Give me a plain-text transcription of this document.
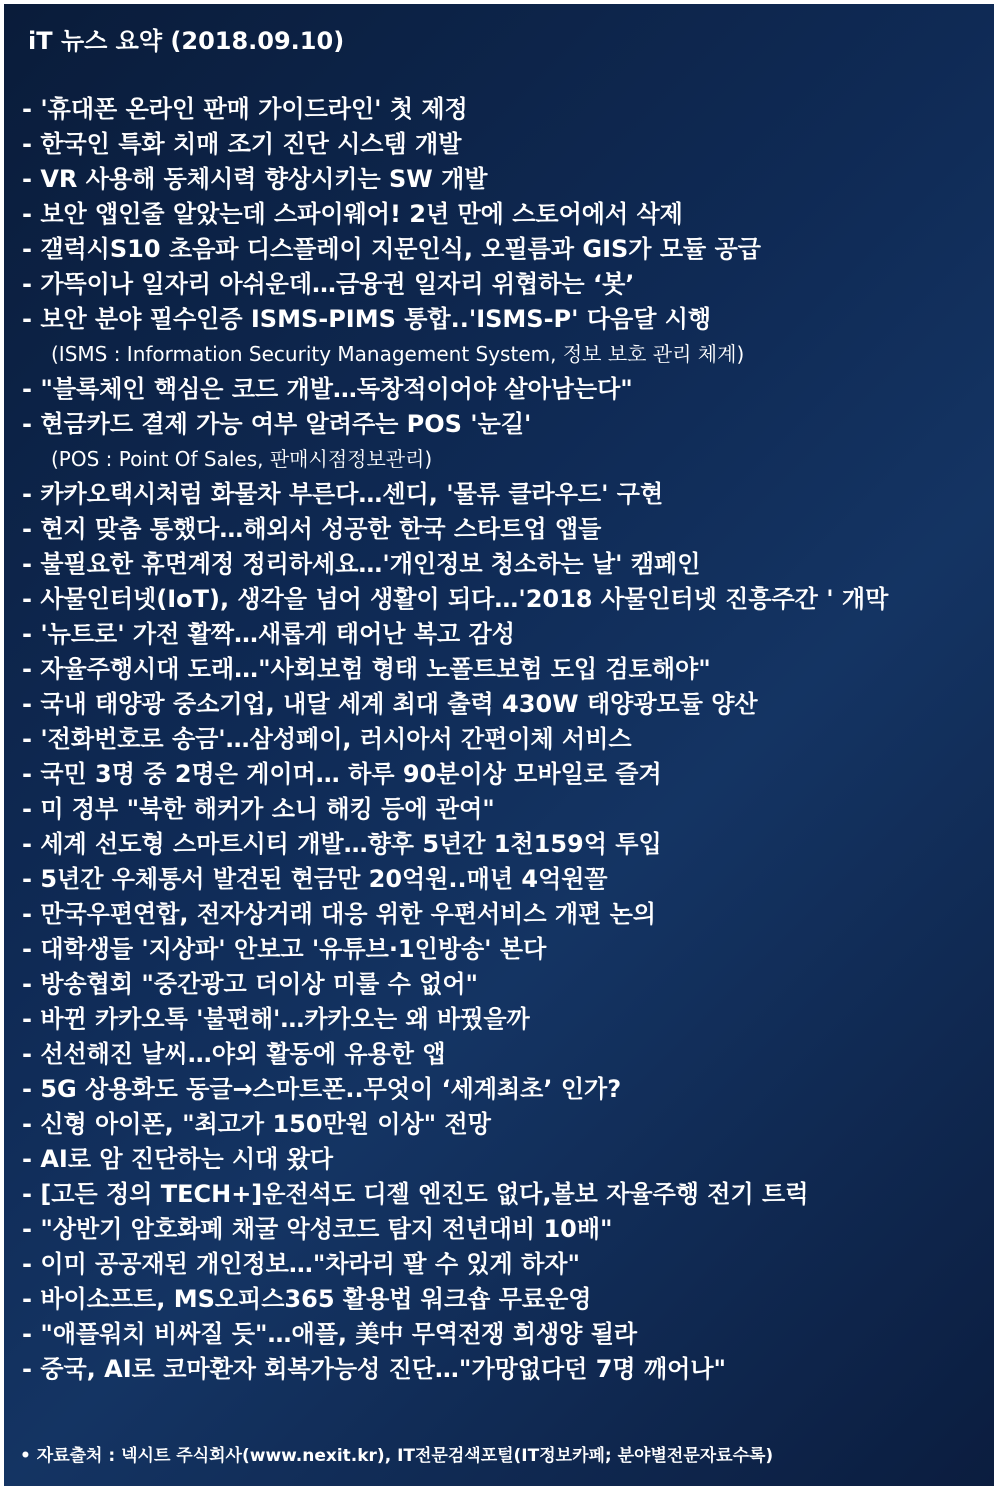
iT 뉴스 요약 (2018.09.10)
- '휴대폰 온라인 판매 가이드라인' 첫 제정
- 한국인 특화 치매 조기 진단 시스템 개발
- VR 사용해 동체시력 향상시키는 SW 개발
- 보안 앱인줄 알았는데 스파이웨어! 2년 만에 스토어에서 삭제
- 갤럭시S10 초음파 디스플레이 지문인식, 오필름과 GIS가 모듈 공급
- 가뜩이나 일자리 아쉬운데…금융권 일자리 위협하는 ‘봇’
- 보안 분야 필수인증 ISMS-PIMS 통합..'ISMS-P' 다음달 시행
(ISMS : Information Security Management System, 정보 보호 관리 체계)
- "블록체인 핵심은 코드 개발…독창적이어야 살아남는다"
- 현금카드 결제 가능 여부 알려주는 POS '눈길'
(POS : Point Of Sales, 판매시점정보관리)
- 카카오택시처럼 화물차 부른다…센디, '물류 클라우드' 구현
- 현지 맞춤 통했다…해외서 성공한 한국 스타트업 앱들
- 불필요한 휴면계정 정리하세요…'개인정보 청소하는 날' 캠페인
- 사물인터넷(IoT), 생각을 넘어 생활이 되다…'2018 사물인터넷 진흥주간 ' 개막
- '뉴트로' 가전 활짝…새롭게 태어난 복고 감성
- 자율주행시대 도래…"사회보험 형태 노폴트보험 도입 검토해야"
- 국내 태양광 중소기업, 내달 세계 최대 출력 430W 태양광모듈 양산
- '전화번호로 송금'…삼성페이, 러시아서 간편이체 서비스
- 국민 3명 중 2명은 게이머… 하루 90분이상 모바일로 즐겨
- 미 정부 "북한 해커가 소니 해킹 등에 관여"
- 세계 선도형 스마트시티 개발…향후 5년간 1천159억 투입
- 5년간 우체통서 발견된 현금만 20억원..매년 4억원꼴
- 만국우편연합, 전자상거래 대응 위한 우편서비스 개편 논의
- 대학생들 '지상파' 안보고 '유튜브·1인방송' 본다
- 방송협회 "중간광고 더이상 미룰 수 없어"
- 바뀐 카카오톡 '불편해'…카카오는 왜 바꿨을까
- 선선해진 날씨…야외 활동에 유용한 앱
- 5G 상용화도 동글→스마트폰..무엇이 ‘세계최초’ 인가?
- 신형 아이폰, "최고가 150만원 이상" 전망
- AI로 암 진단하는 시대 왔다
- [고든 정의 TECH+]운전석도 디젤 엔진도 없다,볼보 자율주행 전기 트럭
- "상반기 암호화폐 채굴 악성코드 탐지 전년대비 10배"
- 이미 공공재된 개인정보…"차라리 팔 수 있게 하자"
- 바이소프트, MS오피스365 활용법 워크숍 무료운영
- "애플워치 비싸질 듯"…애플, 美中 무역전쟁 희생양 될라
- 중국, AI로 코마환자 회복가능성 진단…"가망없다던 7명 깨어나"
• 자료출처 : 넥시트 주식회사(www.nexit.kr), IT전문검색포털(IT정보카페; 분야별전문자료수록)
